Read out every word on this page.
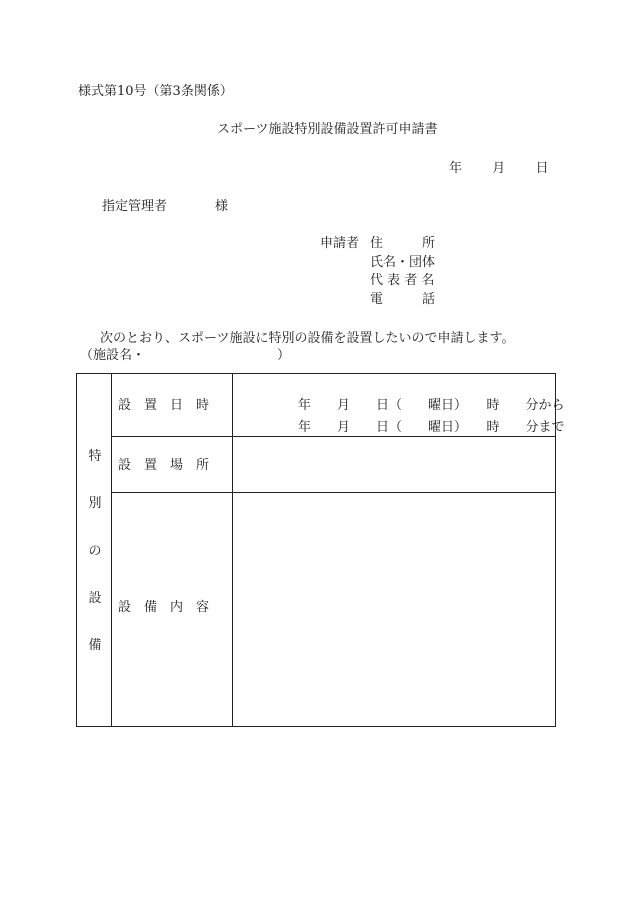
様式第10号（第3条関係）
スポーツ施設特別設備設置許可申請書
年 月 日
指定管理者	様
申請者 住　　　所
氏名・団体
代 表 者 名
電　　　話
次のとおり、スポーツ施設に特別の設備を設置したいので申請します。
（施設名・	）
特
別
の
設
備
設　置　日　時
設　置　場　所
設　備　内　容
年　　月　　日（　　曜日）　　時　　分から
年　　月　　日（　　曜日）　　時　　分まで
